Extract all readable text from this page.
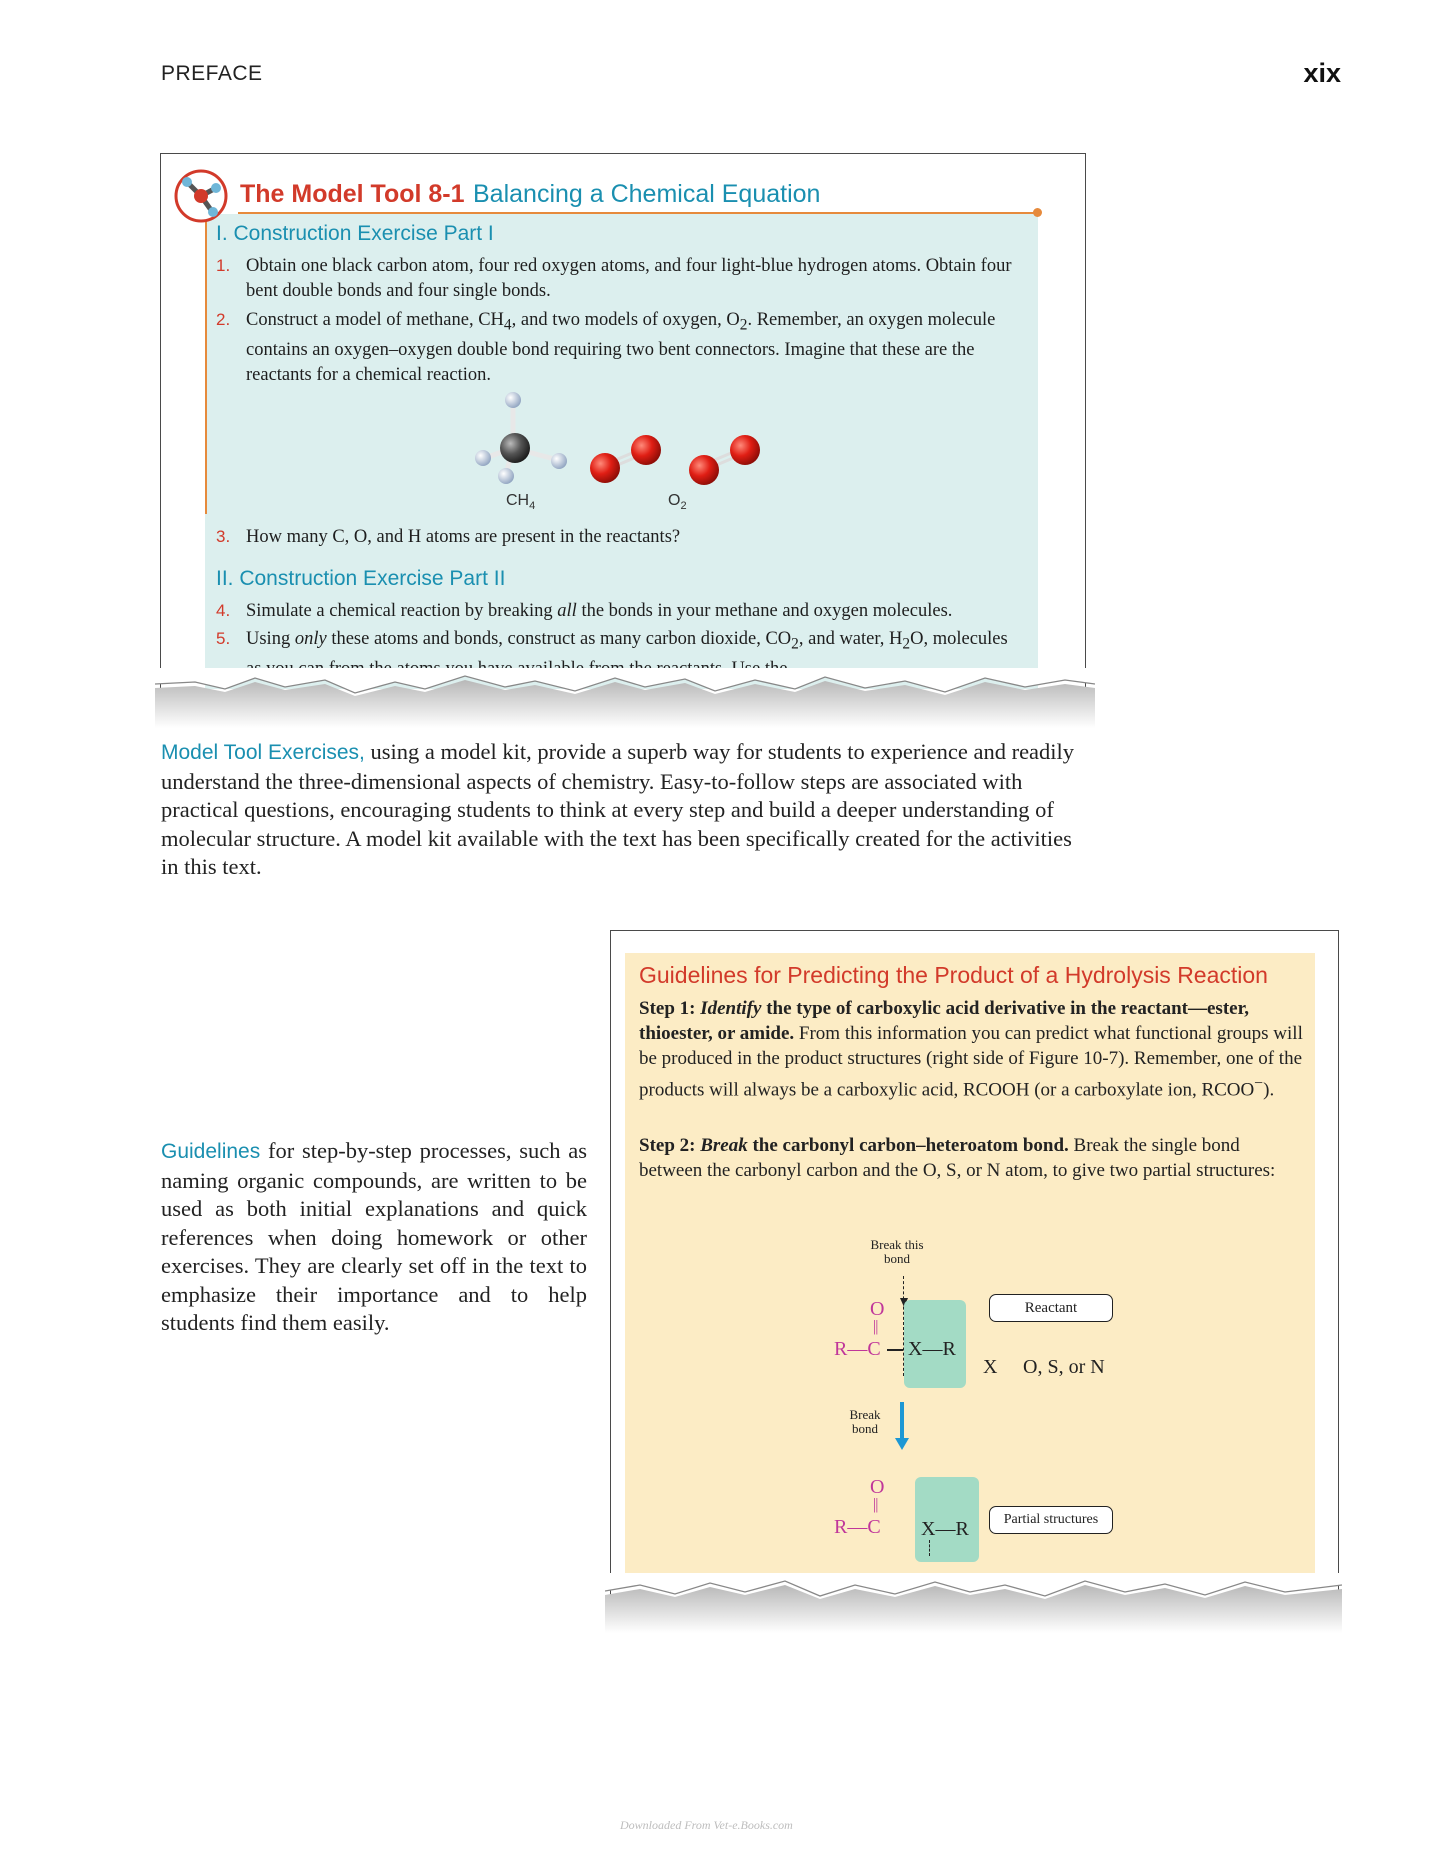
PREFACE	xix
The Model Tool 8-1 Balancing a Chemical Equation
I. Construction Exercise Part I
1. Obtain one black carbon atom, four red oxygen atoms, and four light-blue hydrogen atoms. Obtain four bent double bonds and four single bonds.
2. Construct a model of methane, $CH_4$, and two models of oxygen, $O_2$. Remember, an oxygen molecule contains an oxygen–oxygen double bond requiring two bent connectors. Imagine that these are the reactants for a chemical reaction.
$CH_4$	$O_2$
3. How many C, O, and H atoms are present in the reactants?
II. Construction Exercise Part II
4. Simulate a chemical reaction by breaking all the bonds in your methane and oxygen molecules.
5. Using only these atoms and bonds, construct as many carbon dioxide, $CO_2$, and water, $H_2O$, molecules
Model Tool Exercises, using a model kit, provide a superb way for students to experience and readily understand the three-dimensional aspects of chemistry. Easy-to-follow steps are associated with practical questions, encouraging students to think at every step and build a deeper understanding of molecular structure. A model kit available with the text has been specifically created for the activities in this text.
Guidelines for step-by-step processes, such as naming organic compounds, are written to be used as both initial explanations and quick references when doing homework or other exercises. They are clearly set off in the text to emphasize their importance and to help students find them easily.
Guidelines for Predicting the Product of a Hydrolysis Reaction
Step 1: Identify the type of carboxylic acid derivative in the reactant—ester, thioester, or amide. From this information you can predict what functional groups will be produced in the product structures (right side of Figure 10-7). Remember, one of the products will always be a carboxylic acid, RCOOH (or a carboxylate ion, RCOO−).
Step 2: Break the carbonyl carbon–heteroatom bond. Break the single bond between the carbonyl carbon and the O, S, or N atom, to give two partial structures:
Break this bond
O
||
R—C X—R
Reactant
X O, S, or N
Break bond
O
||
R—C X—R	Partial structures
Downloaded From Vet-e.Books.com
